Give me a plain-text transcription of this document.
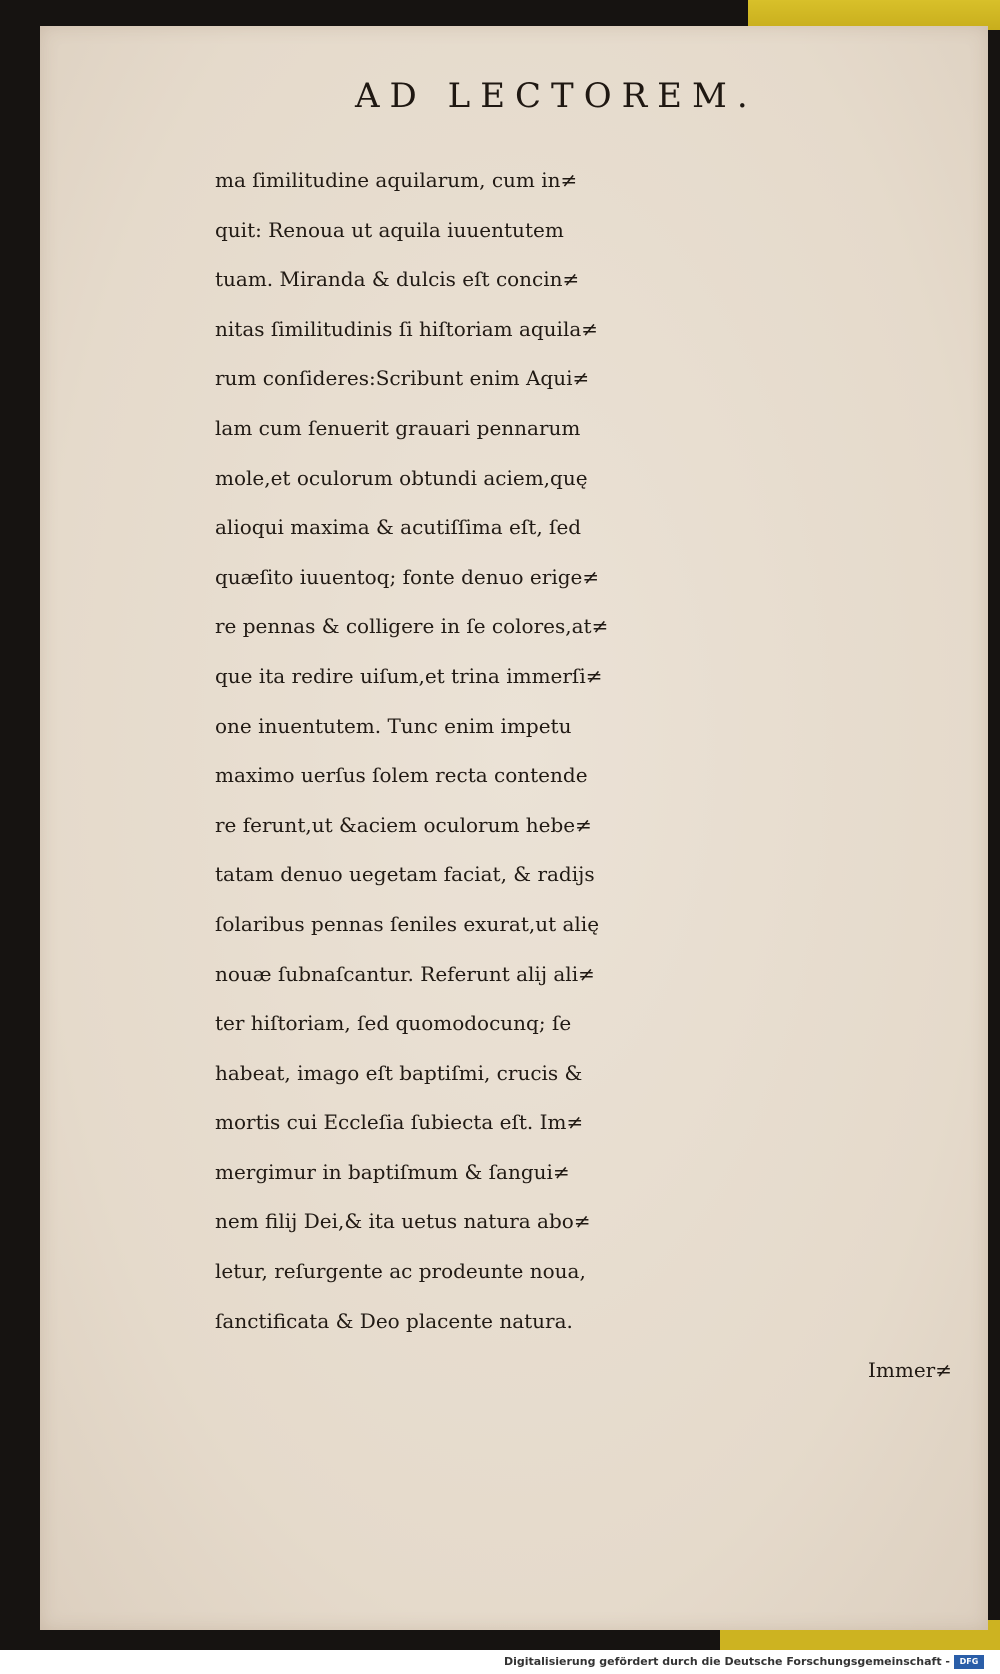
AD LECTOREM.
ma ſimilitudine aquilarum, cum in≠
quit: Renoua ut aquila iuuentutem
tuam. Miranda & dulcis eſt concin≠
nitas ſimilitudinis ſi hiſtoriam aquila≠
rum conſideres:Scribunt enim Aqui≠
lam cum ſenuerit grauari pennarum
mole,et oculorum obtundi aciem,quę
alioqui maxima & acutiſſima eſt, ſed
quæſito iuuentoq; fonte denuo erige≠
re pennas & colligere in ſe colores,at≠
que ita redire uiſum,et trina immerſi≠
one inuentutem. Tunc enim impetu
maximo uerſus ſolem recta contende
re ferunt,ut &aciem oculorum hebe≠
tatam denuo uegetam faciat, & radijs
ſolaribus pennas ſeniles exurat,ut alię
nouæ ſubnaſcantur. Referunt alij ali≠
ter hiſtoriam, ſed quomodocunq; ſe
habeat, imago eſt baptiſmi, crucis &
mortis cui Eccleſia ſubiecta eſt. Im≠
mergimur in baptiſmum & ſangui≠
nem filij Dei,& ita uetus natura abo≠
letur, reſurgente ac prodeunte noua,
ſanctificata & Deo placente natura.
Immer≠
Digitalisierung gefördert durch die Deutsche Forschungsgemeinschaft -	DFG
